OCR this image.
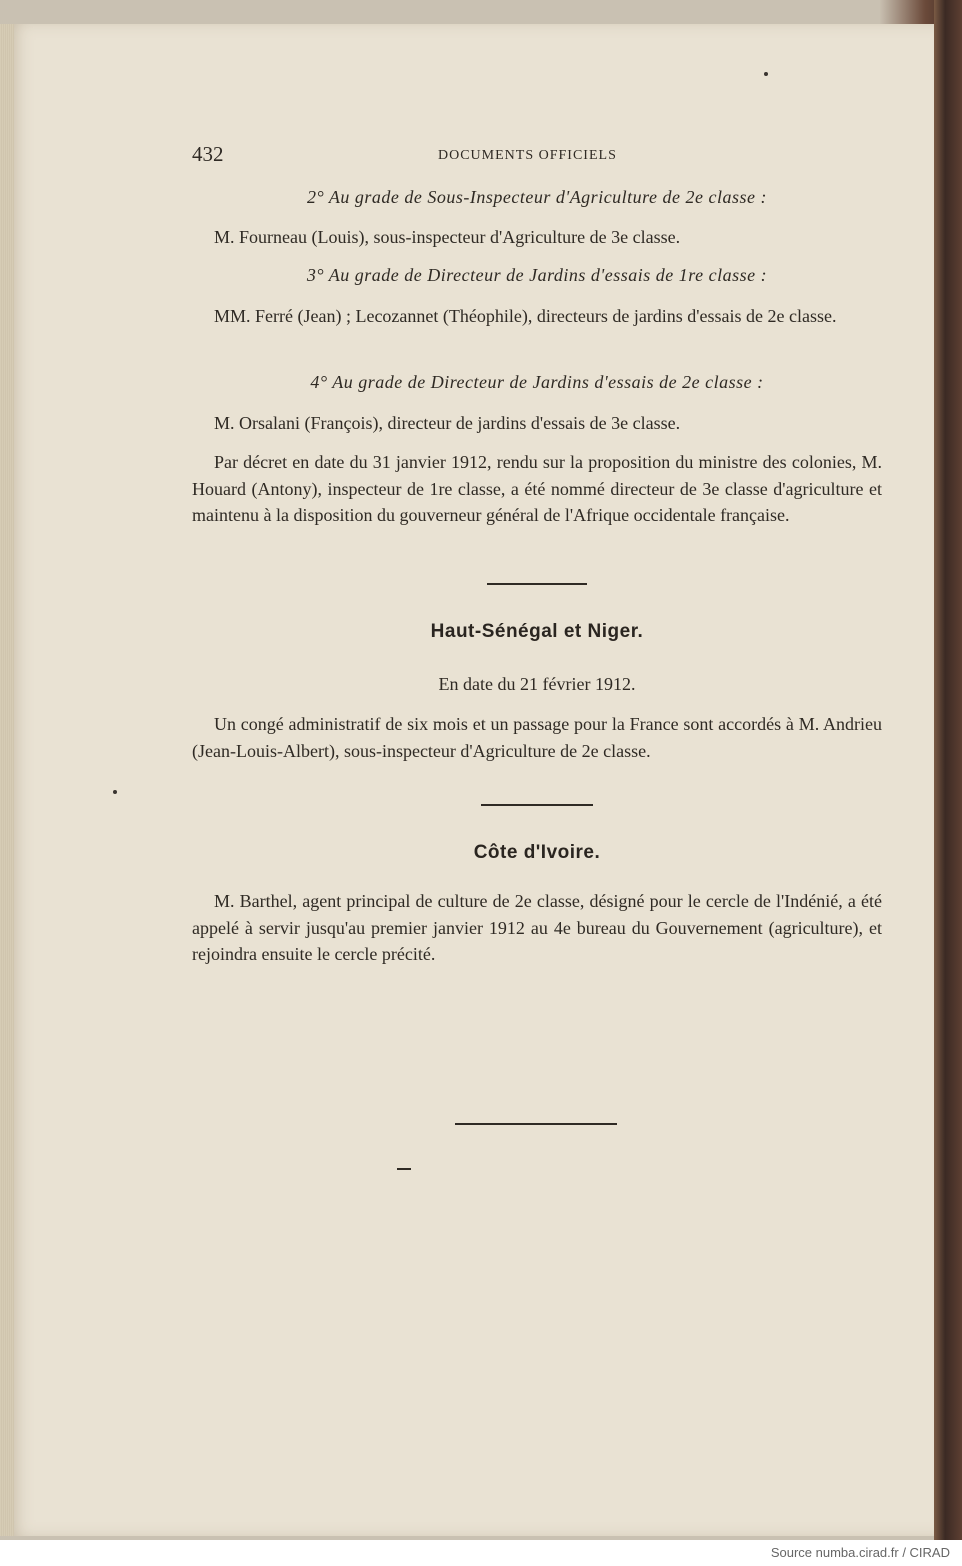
432	DOCUMENTS OFFICIELS
2° Au grade de Sous-Inspecteur d'Agriculture de 2e classe :
M. Fourneau (Louis), sous-inspecteur d'Agriculture de 3e classe.
3° Au grade de Directeur de Jardins d'essais de 1re classe :
MM. Ferré (Jean) ; Lecozannet (Théophile), directeurs de jardins d'essais de 2e classe.
4° Au grade de Directeur de Jardins d'essais de 2e classe :
M. Orsalani (François), directeur de jardins d'essais de 3e classe.
Par décret en date du 31 janvier 1912, rendu sur la proposition du ministre des colonies, M. Houard (Antony), inspecteur de 1re classe, a été nommé directeur de 3e classe d'agriculture et maintenu à la disposition du gouverneur général de l'Afrique occidentale française.
Haut-Sénégal et Niger.
En date du 21 février 1912.
Un congé administratif de six mois et un passage pour la France sont accordés à M. Andrieu (Jean-Louis-Albert), sous-inspecteur d'Agriculture de 2e classe.
Côte d'Ivoire.
M. Barthel, agent principal de culture de 2e classe, désigné pour le cercle de l'Indénié, a été appelé à servir jusqu'au premier janvier 1912 au 4e bureau du Gouvernement (agriculture), et rejoindra ensuite le cercle précité.
Source numba.cirad.fr / CIRAD
